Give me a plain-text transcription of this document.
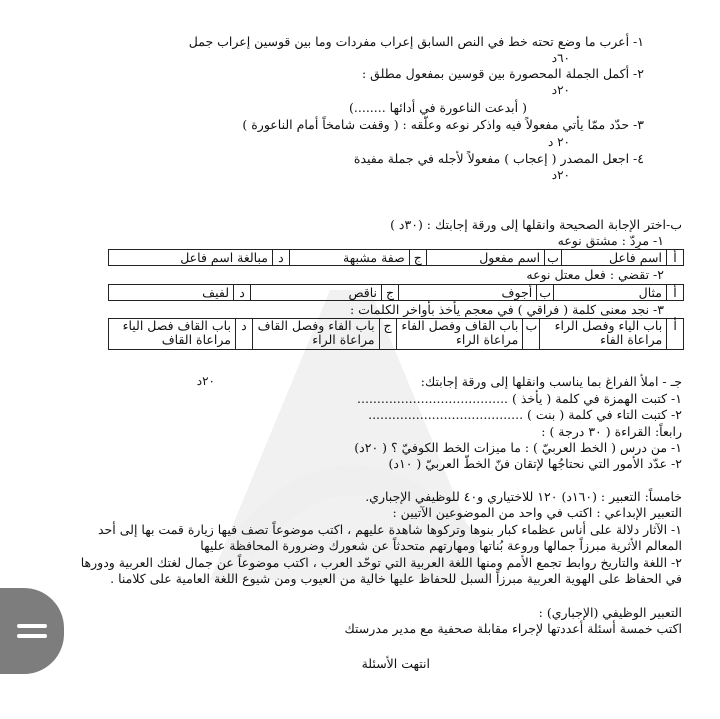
١- أعرب ما وضع تحته خط في النص السابق إعراب مفردات وما بين قوسين إعراب جمل
٦٠د
٢- أكمل الجملة المحصورة بين قوسين بمفعول مطلق :
٢٠د
( أبدعت الناعورة في أدائها ........)
٣- حدّد ممّا يأتي مفعولاً فيه واذكر نوعه وعلّقه : ( وقفت شامخاً أمام الناعورة )
٢٠ د
٤- اجعل المصدر ( إعجاب ) مفعولاً لأجله في جملة مفيدة
٢٠د
ب-اختر الإجابة الصحيحة وانقلها إلى ورقة إجابتك : (٣٠د )
١- مرِدّ : مشتق نوعه
أ	اسم فاعل	ب	اسم مفعول	ج	صفة مشبهة	د	مبالغة اسم فاعل
٢- تقضي : فعل معتل نوعه
أ	مثال	ب	أجوف	ج	ناقص	د	لفيف
٣- نجد معنى كلمة ( فراقي ) في معجم يأخذ بأواخر الكلمات :
أ	باب الياء وفصل الراء مراعاة الفاء	ب	باب القاف وفصل الفاء مراعاة الراء	ج	باب الفاء وفصل القاف مراعاة الراء	د	باب القاف فصل الياء مراعاة القاف
جـ - املأ الفراغ بما يناسب وانقلها إلى ورقة إجابتك:
٢٠د
١- كتبت الهمزة في كلمة ( يأخذ ) ......................................
٢- كتبت التاء في كلمة ( بنت ) .......................................
رابعاً: القراءة ( ٣٠ درجة ) :
١- من درس ( الخط العربيّ ) : ما ميزات الخط الكوفيّ ؟ ( ٢٠د)
٢- عدّد الأمور التي نحتاجُها لإتقان فنّ الخطّ العربيّ ( ١٠د)
خامساً: التعبير : (١٦٠د) ١٢٠ للاختياري و٤٠ للوظيفي الإجباري.
التعبير الإبداعي : اكتب في واحد من الموضوعين الآتيين :
١- الآثار دلالة على أناس عظماء كبار بنوها وتركوها شاهدة عليهم ، اكتب موضوعاً تصف فيها زيارة قمت بها إلى أحد
المعالم الأثرية مبرزاً جمالها وروعة بُناتها ومهارتهم متحدثاً عن شعورك وضرورة المحافظة عليها
٢- اللغة والتاريخ روابط تجمع الأمم ومنها اللغة العربية التي توحّد العرب ، اكتب موضوعاً عن جمال لغتك العربية ودورها
في الحفاظ على الهوية العربية مبرزاً السبل للحفاظ عليها خالية من العيوب ومن شيوع اللغة العامية على كلامنا .
التعبير الوظيفي (الإجباري) :
اكتب خمسة أسئلة أعددتها لإجراء مقابلة صحفية مع مدير مدرستك
انتهت الأسئلة
